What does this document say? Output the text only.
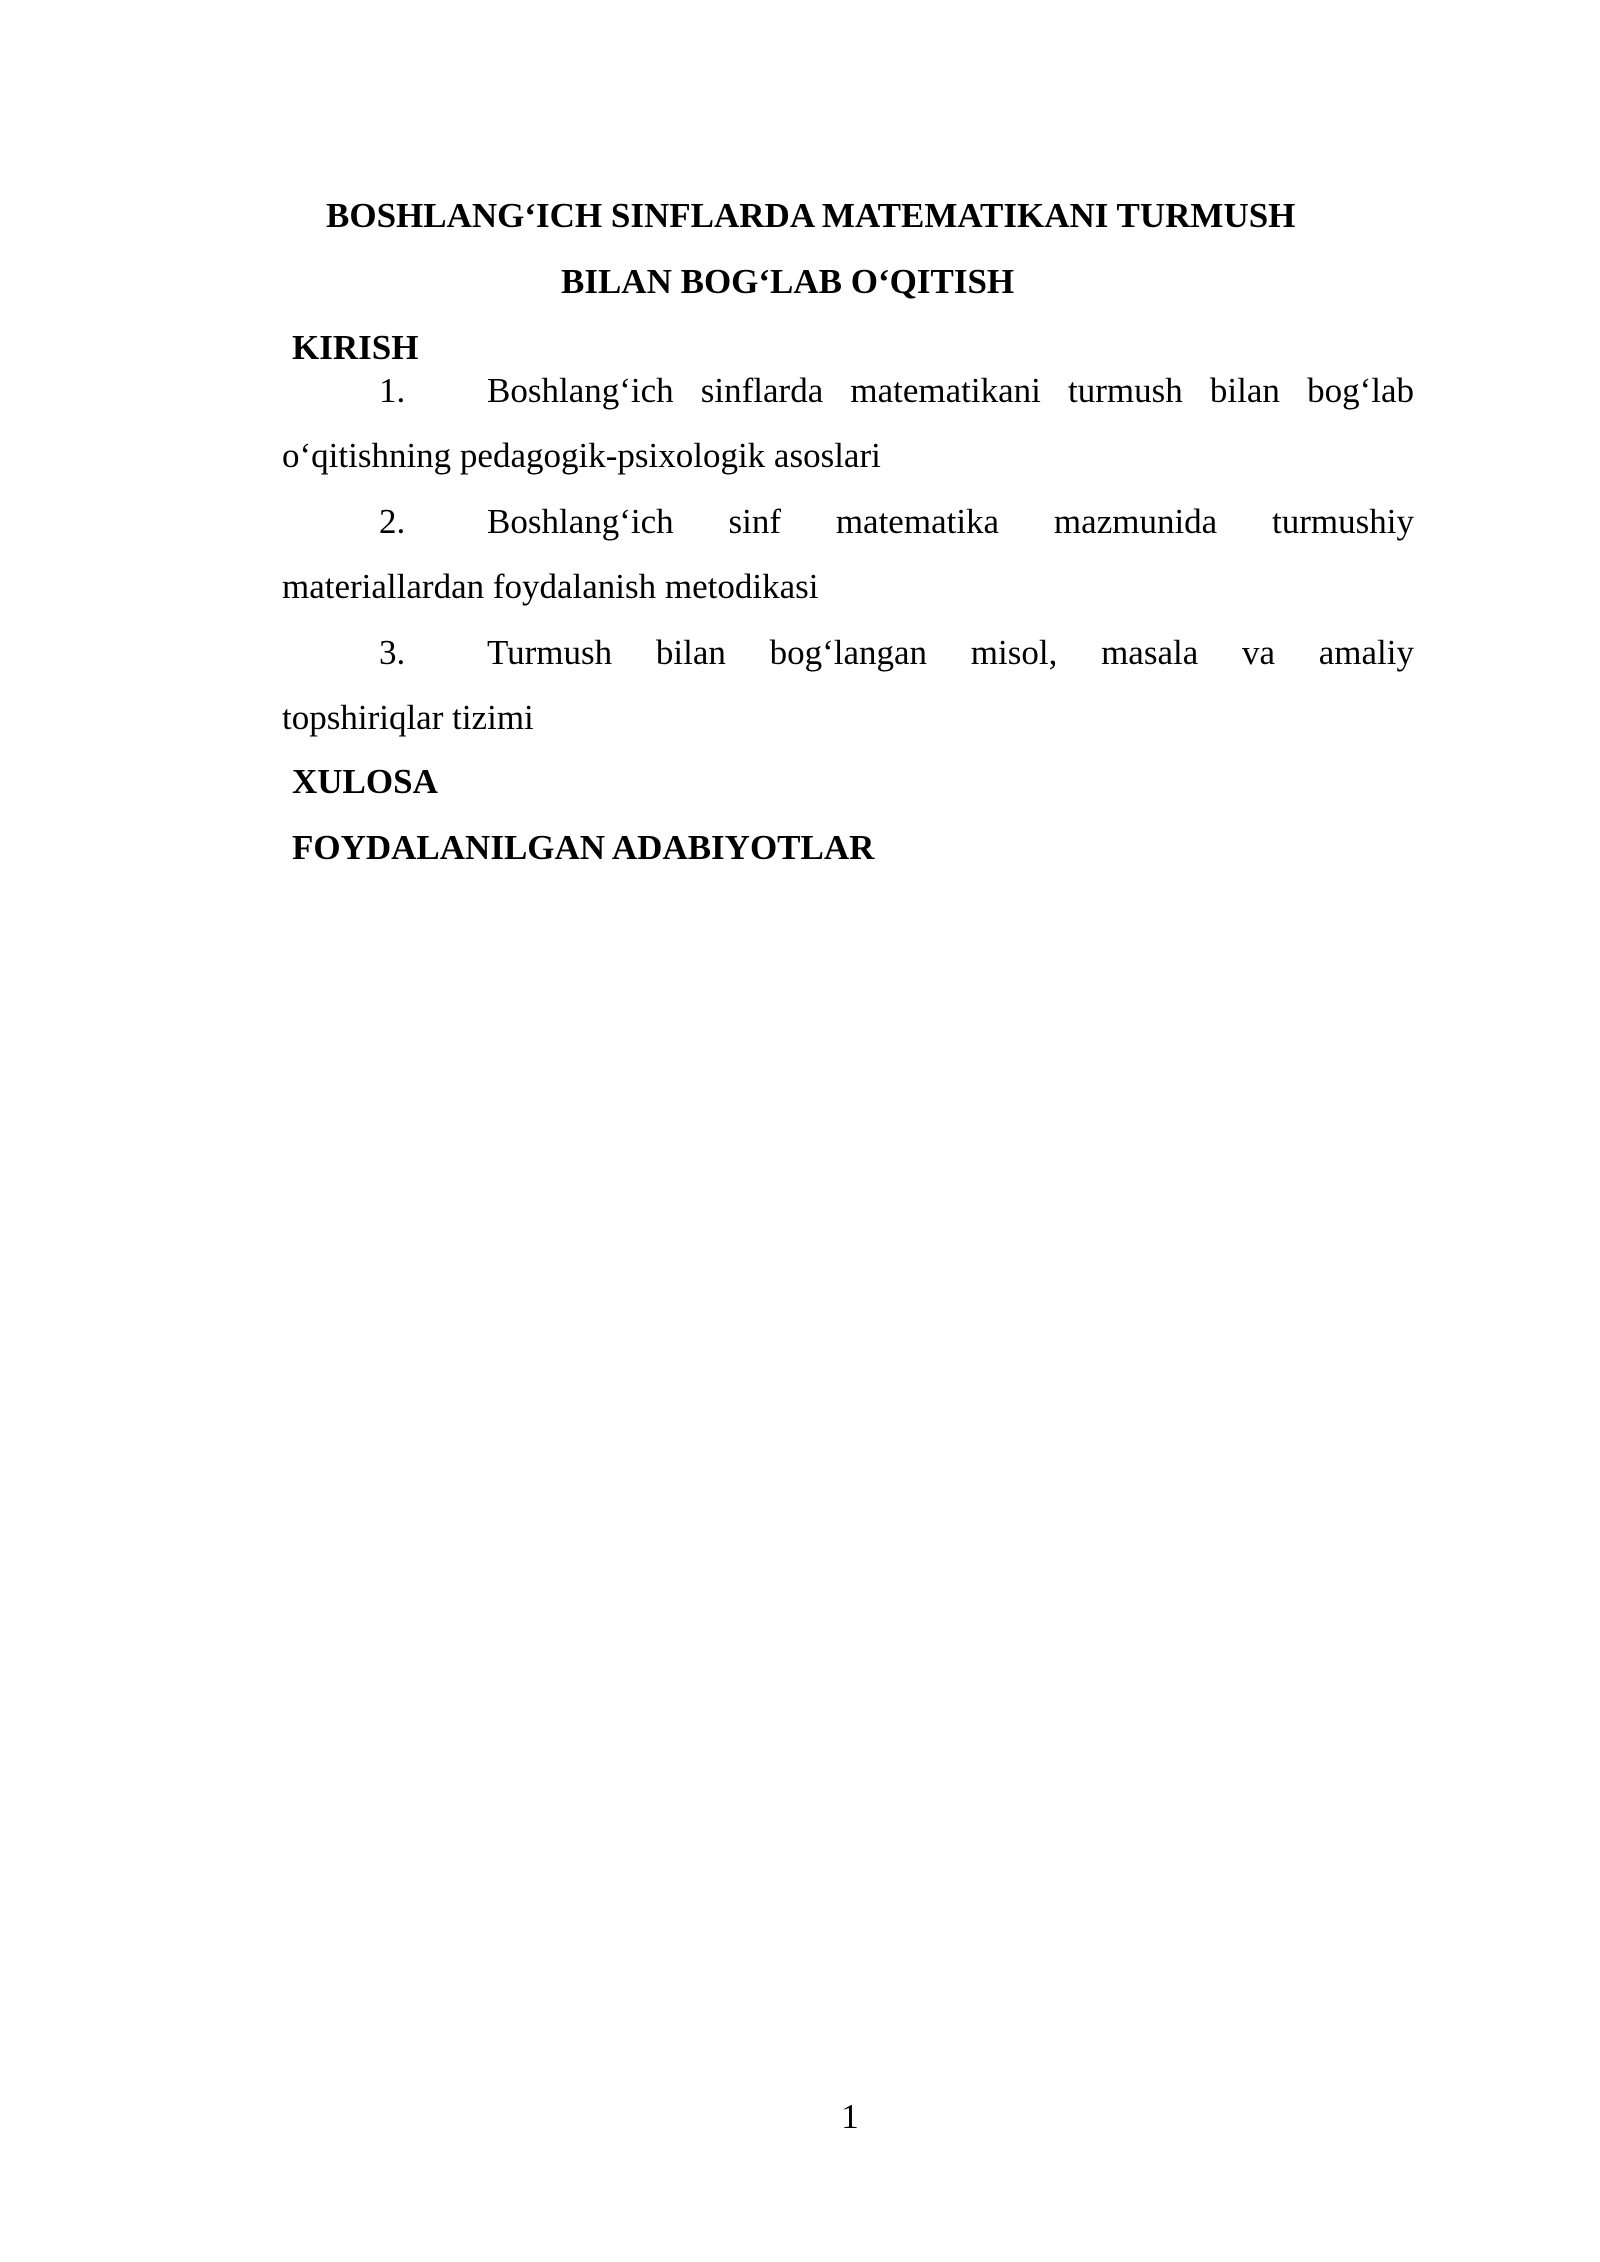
BOSHLANG‘ICH SINFLARDA MATEMATIKANI TURMUSH
BILAN BOG‘LAB O‘QITISH
KIRISH
1. Boshlang‘ich sinflarda matematikani turmush bilan bog‘lab
o‘qitishning pedagogik-psixologik asoslari
2. Boshlang‘ich sinf matematika mazmunida turmushiy
materiallardan foydalanish metodikasi
3. Turmush bilan bog‘langan misol, masala va amaliy
topshiriqlar tizimi
XULOSA
FOYDALANILGAN ADABIYOTLAR
1
